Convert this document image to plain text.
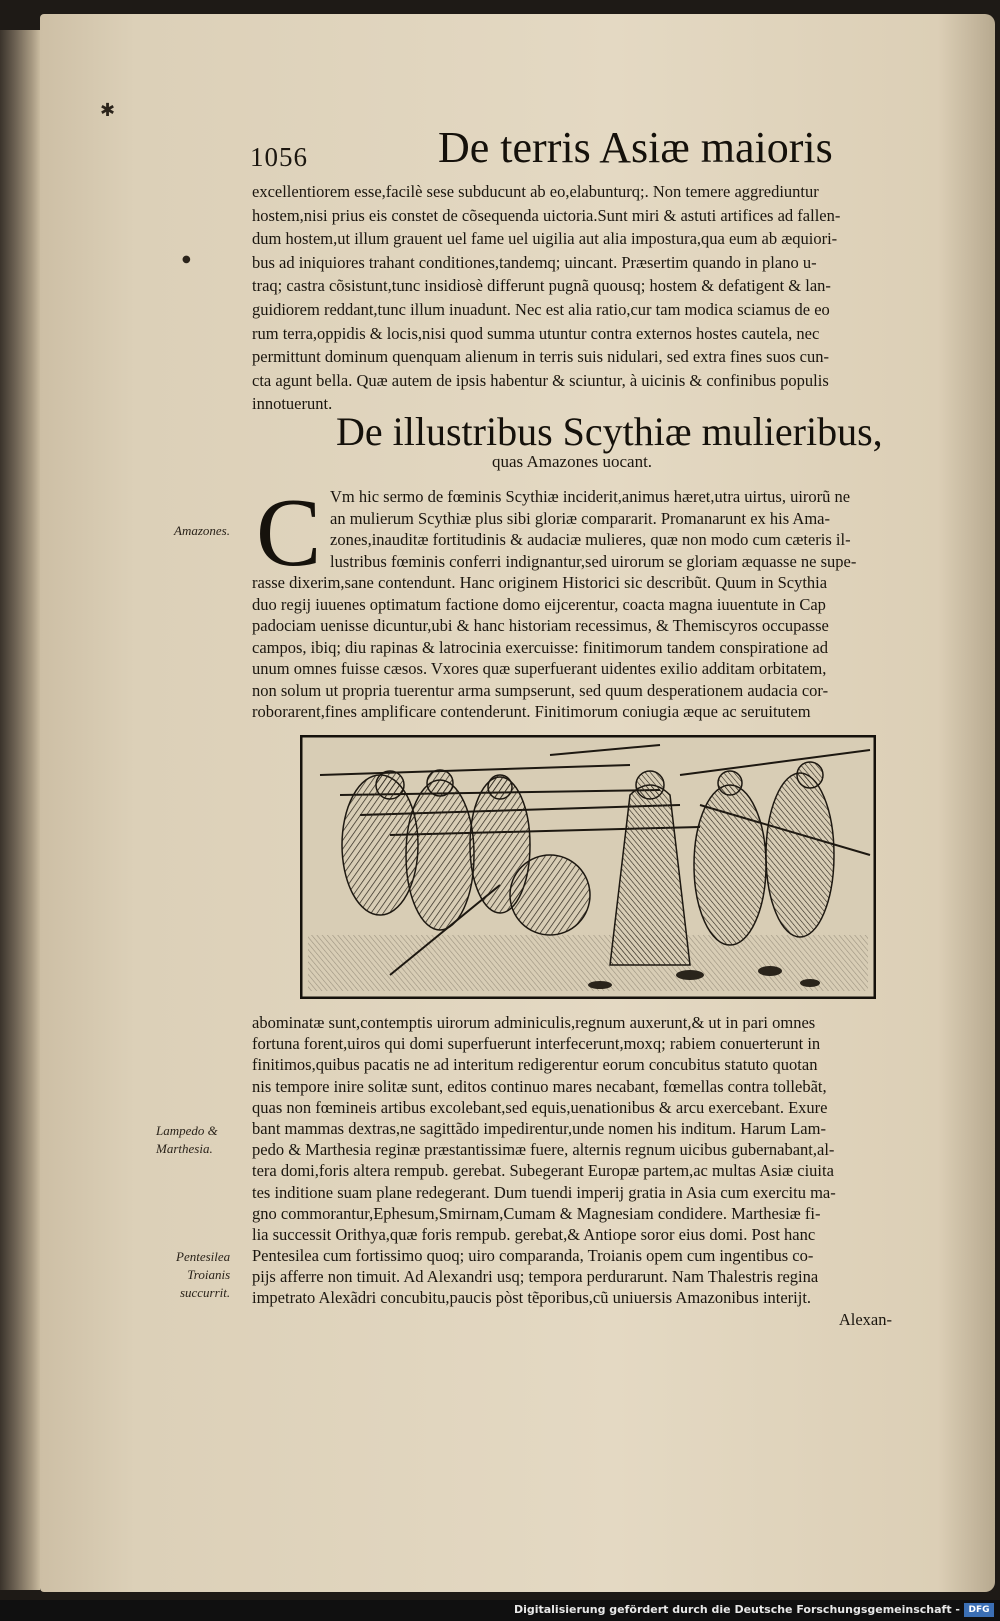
✱
●
1056	De terris Asiæ maioris
excellentiorem esse,facilè sese subducunt ab eo,elabunturq;. Non temere aggrediuntur
hostem,nisi prius eis constet de cõsequenda uictoria.Sunt miri & astuti artifices ad fallen-
dum hostem,ut illum grauent uel fame uel uigilia aut alia impostura,qua eum ab æquiori-
bus ad iniquiores trahant conditiones,tandemq; uincant. Præsertim quando in plano u-
traq; castra cõsistunt,tunc insidiosè differunt pugnã quousq; hostem & defatigent & lan-
guidiorem reddant,tunc illum inuadunt. Nec est alia ratio,cur tam modica sciamus de eo
rum terra,oppidis & locis,nisi quod summa utuntur contra externos hostes cautela, nec
permittunt dominum quenquam alienum in terris suis nidulari, sed extra fines suos cun-
cta agunt bella. Quæ autem de ipsis habentur & sciuntur, à uicinis & confinibus populis
innotuerunt.
De illustribus Scythiæ mulieribus,
quas Amazones uocant.
Amazones. C Vm hic sermo de fœminis Scythiæ inciderit,animus hæret,utra uirtus, uirorũ ne
an mulierum Scythiæ plus sibi gloriæ compararit. Promanarunt ex his Ama-
zones,inauditæ fortitudinis & audaciæ mulieres, quæ non modo cum cæteris il-
lustribus fœminis conferri indignantur,sed uirorum se gloriam æquasse ne supe-
rasse dixerim,sane contendunt. Hanc originem Historici sic describũt. Quum in Scythia
duo regij iuuenes optimatum factione domo eijcerentur, coacta magna iuuentute in Cap
padociam uenisse dicuntur,ubi & hanc historiam recessimus, & Themiscyros occupasse
campos, ibiq; diu rapinas & latrocinia exercuisse: finitimorum tandem conspiratione ad
unum omnes fuisse cæsos. Vxores quæ superfuerant uidentes exilio additam orbitatem,
non solum ut propria tuerentur arma sumpserunt, sed quum desperationem audacia cor-
roborarent,fines amplificare contenderunt. Finitimorum coniugia æque ac seruitutem
abominatæ sunt,contemptis uirorum adminiculis,regnum auxerunt,& ut in pari omnes
fortuna forent,uiros qui domi superfuerunt interfecerunt,moxq; rabiem conuerterunt in
finitimos,quibus pacatis ne ad interitum redigerentur eorum concubitus statuto quotan
nis tempore inire solitæ sunt, editos continuo mares necabant, fœmellas contra tollebãt,
quas non fœmineis artibus excolebant,sed equis,uenationibus & arcu exercebant. Exure
bant mammas dextras,ne sagittãdo impedirentur,unde nomen his inditum. Harum Lam-
pedo & Marthesia reginæ præstantissimæ fuere, alternis regnum uicibus gubernabant,al-
tera domi,foris altera rempub. gerebat. Subegerant Europæ partem,ac multas Asiæ ciuita
tes inditione suam plane redegerant. Dum tuendi imperij gratia in Asia cum exercitu ma-
gno commorantur,Ephesum,Smirnam,Cumam & Magnesiam condidere. Marthesiæ fi-
lia successit Orithya,quæ foris rempub. gerebat,& Antiope soror eius domi. Post hanc
Pentesilea cum fortissimo quoq; uiro comparanda, Troianis opem cum ingentibus co-
pijs afferre non timuit. Ad Alexandri usq; tempora perdurarunt. Nam Thalestris regina
impetrato Alexãdri concubitu,paucis pòst tẽporibus,cũ uniuersis Amazonibus interijt.
Alexan-
Lampedo &
Marthesia.
Pentesilea
Troianis
succurrit.
Digitalisierung gefördert durch die Deutsche Forschungsgemeinschaft - DFG
